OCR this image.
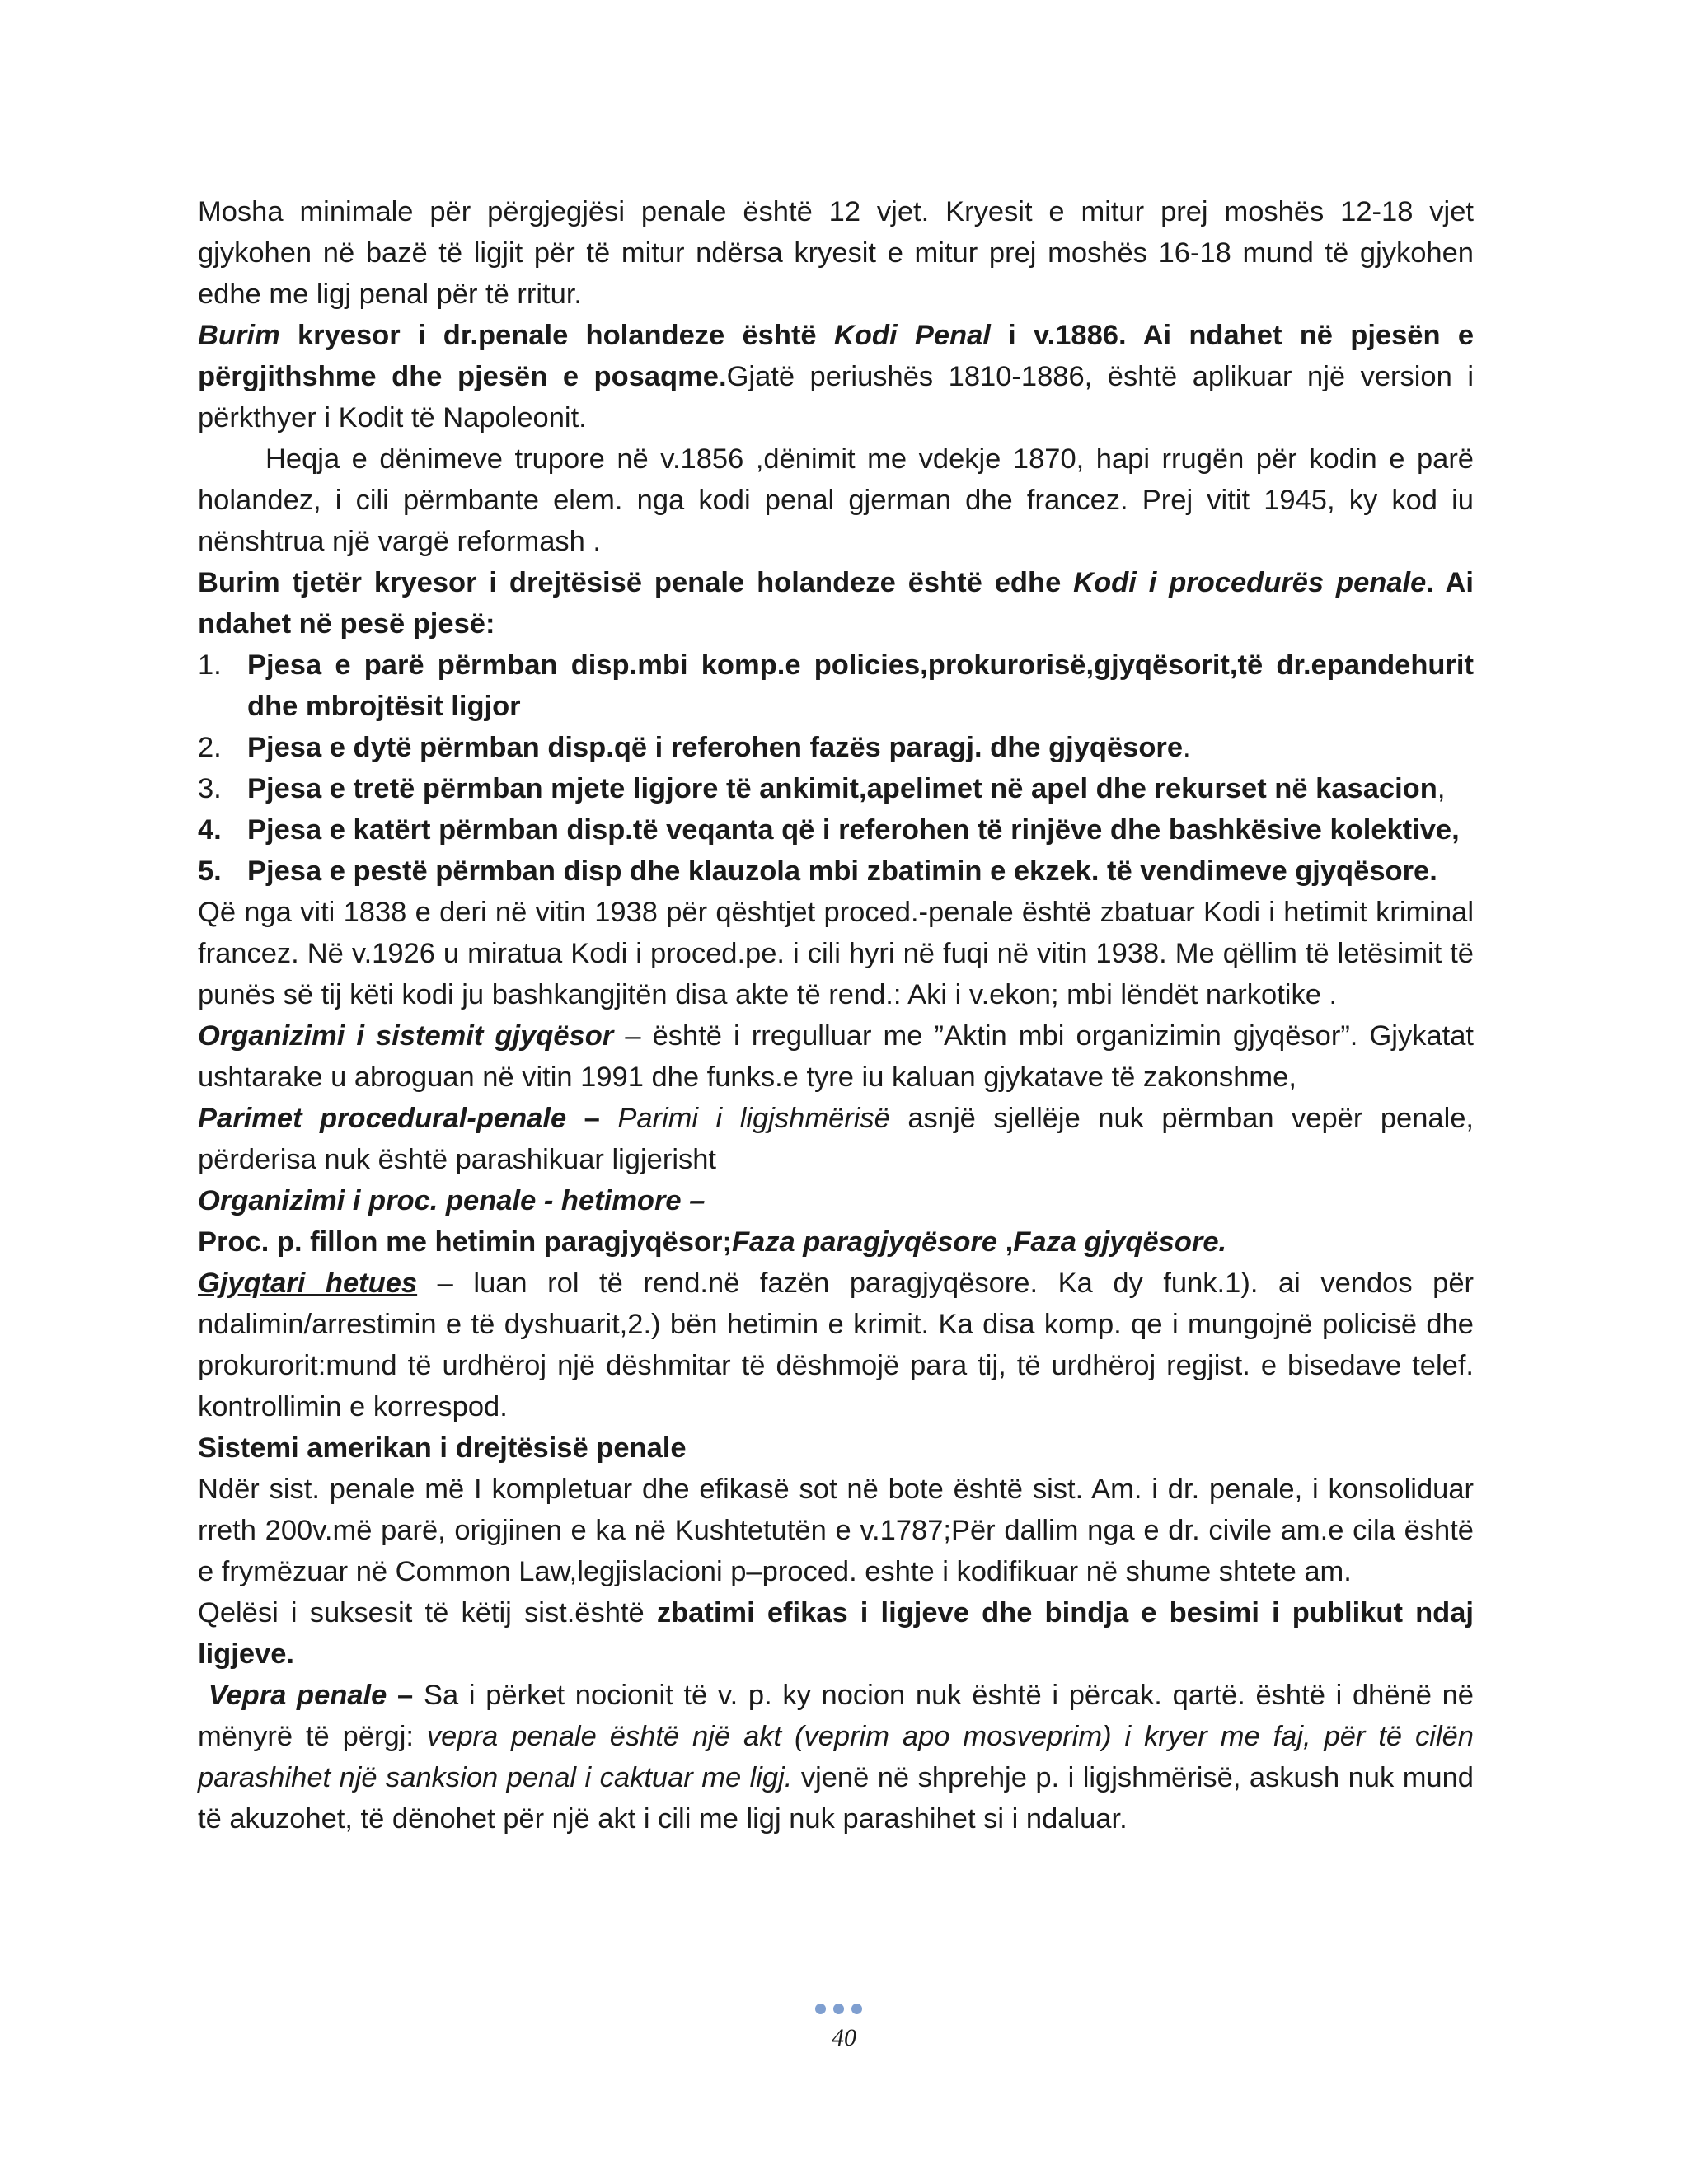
Mosha minimale për përgjegjësi penale është 12 vjet. Kryesit e mitur prej moshës 12-18 vjet gjykohen në bazë të ligjit për të mitur ndërsa kryesit e mitur prej moshës 16-18 mund të gjykohen edhe me ligj penal për të rritur.

Burim kryesor i dr.penale holandeze është Kodi Penal i v.1886. Ai ndahet në pjesën e përgjithshme dhe pjesën e posaqme.Gjatë periushës 1810-1886, është aplikuar një version i përkthyer i Kodit të Napoleonit.

Heqja e dënimeve trupore në v.1856 ,dënimit me vdekje 1870, hapi rrugën për kodin e parë holandez, i cili përmbante elem. nga kodi penal gjerman dhe francez. Prej vitit 1945, ky kod iu nënshtrua një vargë reformash .

Burim tjetër kryesor i drejtësisë penale holandeze është edhe Kodi i procedurës penale. Ai ndahet në pesë pjesë:

1. Pjesa e parë përmban disp.mbi komp.e policies,prokurorisë,gjyqësorit,të dr.epandehurit dhe mbrojtësit ligjor
2. Pjesa e dytë përmban disp.që i referohen fazës paragj. dhe gjyqësore.
3. Pjesa e tretë përmban mjete ligjore të ankimit,apelimet në apel dhe rekurset në kasacion,
4. Pjesa e katërt përmban disp.të veqanta që i referohen të rinjëve dhe bashkësive kolektive,
5. Pjesa e pestë përmban disp dhe klauzola mbi zbatimin e ekzek. të vendimeve gjyqësore.

Që nga viti 1838 e deri në vitin 1938 për qështjet proced.-penale është zbatuar Kodi i hetimit kriminal francez. Në v.1926 u miratua Kodi i proced.pe. i cili hyri në fuqi në vitin 1938. Me qëllim të letësimit të punës së tij këti kodi ju bashkangjitën disa akte të rend.: Aki i v.ekon; mbi lëndët narkotike .

Organizimi i sistemit gjyqësor – është i rregulluar me ”Aktin mbi organizimin gjyqësor”. Gjykatat ushtarake u abroguan në vitin 1991 dhe funks.e tyre iu kaluan gjykatave të zakonshme,

Parimet procedural-penale – Parimi i ligjshmërisë asnjë sjellëje nuk përmban vepër penale, përderisa nuk është parashikuar ligjerisht

Organizimi i proc. penale - hetimore –

Proc. p. fillon me hetimin paragjyqësor;Faza paragjyqësore ,Faza gjyqësore.

Gjyqtari hetues – luan rol të rend.në fazën paragjyqësore. Ka dy funk.1). ai vendos për ndalimin/arrestimin e të dyshuarit,2.) bën hetimin e krimit. Ka disa komp. qe i mungojnë policisë dhe prokurorit:mund të urdhëroj një dëshmitar të dëshmojë para tij, të urdhëroj regjist. e bisedave telef. kontrollimin e korrespod.

Sistemi amerikan i drejtësisë penale

Ndër sist. penale më I kompletuar dhe efikasë sot në bote është sist. Am. i dr. penale, i konsoliduar rreth 200v.më parë, origjinen e ka në Kushtetutën e v.1787;Për dallim nga e dr. civile am.e cila është e frymëzuar në Common Law,legjislacioni p–proced. eshte i kodifikuar në shume shtete am.

Qelësi i suksesit të këtij sist.është zbatimi efikas i ligjeve dhe bindja e besimi i publikut ndaj ligjeve.

Vepra penale – Sa i përket nocionit të v. p. ky nocion nuk është i përcak. qartë. është i dhënë në mënyrë të përgj: vepra penale është një akt (veprim apo mosveprim) i kryer me faj, për të cilën parashihet një sanksion penal i caktuar me ligj. vjenë në shprehje p. i ligjshmërisë, askush nuk mund të akuzohet, të dënohet për një akt i cili me ligj nuk parashihet si i ndaluar.

40
